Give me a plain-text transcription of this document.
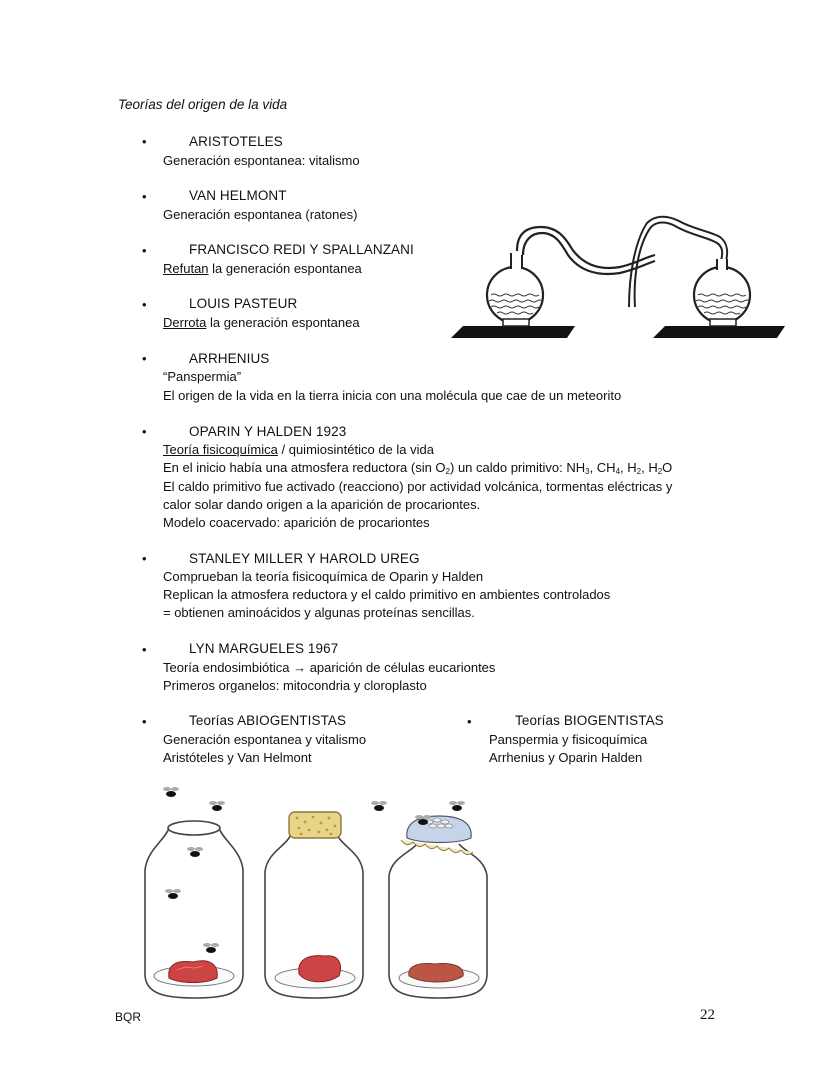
Teorías del origen de la vida
•	ARISTOTELES
Generación espontanea: vitalismo
•	VAN HELMONT
Generación espontanea (ratones)
•	FRANCISCO REDI Y SPALLANZANI
Refutan la generación espontanea
•	LOUIS PASTEUR
Derrota la generación espontanea
•	ARRHENIUS
“Panspermia”
El origen de la vida en la tierra inicia con una molécula que cae de un meteorito
•	OPARIN Y HALDEN 1923
Teoría fisicoquímica / quimiosintético de la vida
En el inicio había una atmosfera reductora (sin $O_2$) un caldo primitivo: $NH_3$, $CH_4$, $H_2$, $H_2O$
El caldo primitivo fue activado (reacciono) por actividad volcánica, tormentas eléctricas y
calor solar dando origen a la aparición de procariontes.
Modelo coacervado: aparición de procariontes
•	STANLEY MILLER Y HAROLD UREG
Comprueban la teoría fisicoquímica de Oparin y Halden
Replican la atmosfera reductora y el caldo primitivo en ambientes controlados
= obtienen aminoácidos y algunas proteínas sencillas.
•	LYN MARGUELES 1967
Teoría endosimbiótica → aparición de células eucariontes
Primeros organelos: mitocondria y cloroplasto
•	Teorías ABIOGENTISTAS
Generación espontanea y vitalismo
Aristóteles y Van Helmont
•	Teorías BIOGENTISTAS
Panspermia y fisicoquímica
Arrhenius y Oparin Halden
BQR	22
